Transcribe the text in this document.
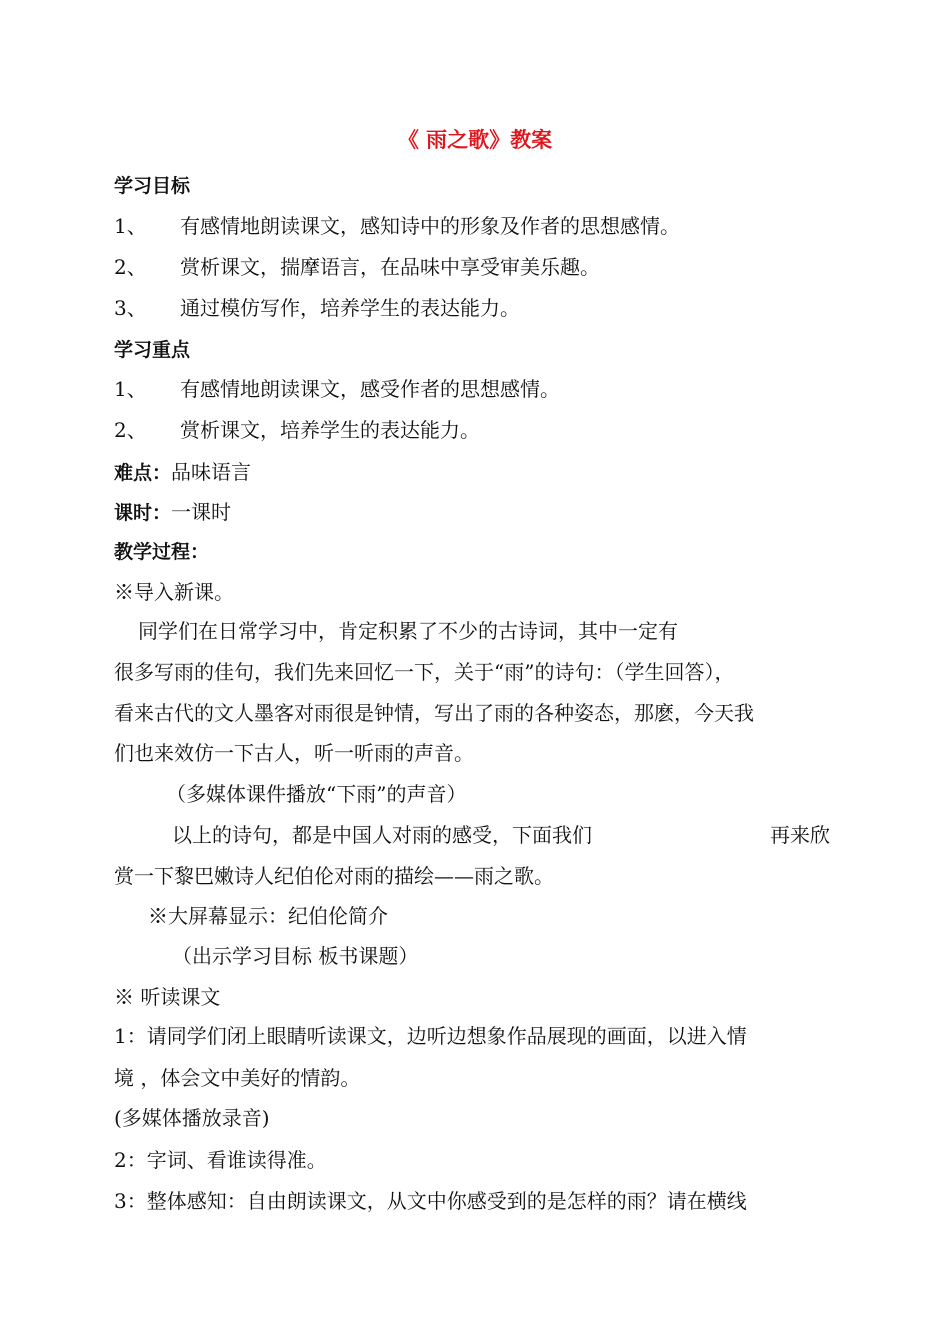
《 雨之歌》教案
学习目标
1、 有感情地朗读课文，感知诗中的形象及作者的思想感情。
2、 赏析课文，揣摩语言，在品味中享受审美乐趣。
3、 通过模仿写作，培养学生的表达能力。
学习重点
1、 有感情地朗读课文，感受作者的思想感情。
2、 赏析课文，培养学生的表达能力。
难点：品味语言
课时：一课时
教学过程：
※导入新课。
同学们在日常学习中，肯定积累了不少的古诗词，其中一定有
很多写雨的佳句，我们先来回忆一下，关于“雨”的诗句：（学生回答），
看来古代的文人墨客对雨很是钟情，写出了雨的各种姿态，那麽，今天我
们也来效仿一下古人，听一听雨的声音。
（多媒体课件播放“下雨”的声音）
以上的诗句，都是中国人对雨的感受，下面我们	再来欣
赏一下黎巴嫩诗人纪伯伦对雨的描绘——雨之歌。
※大屏幕显示：纪伯伦简介
（出示学习目标 板书课题）
※ 听读课文
1：请同学们闭上眼睛听读课文，边听边想象作品展现的画面，以进入情
境 ，体会文中美好的情韵。
(多媒体播放录音)
2：字词、看谁读得准。
3：整体感知：自由朗读课文，从文中你感受到的是怎样的雨？请在横线
